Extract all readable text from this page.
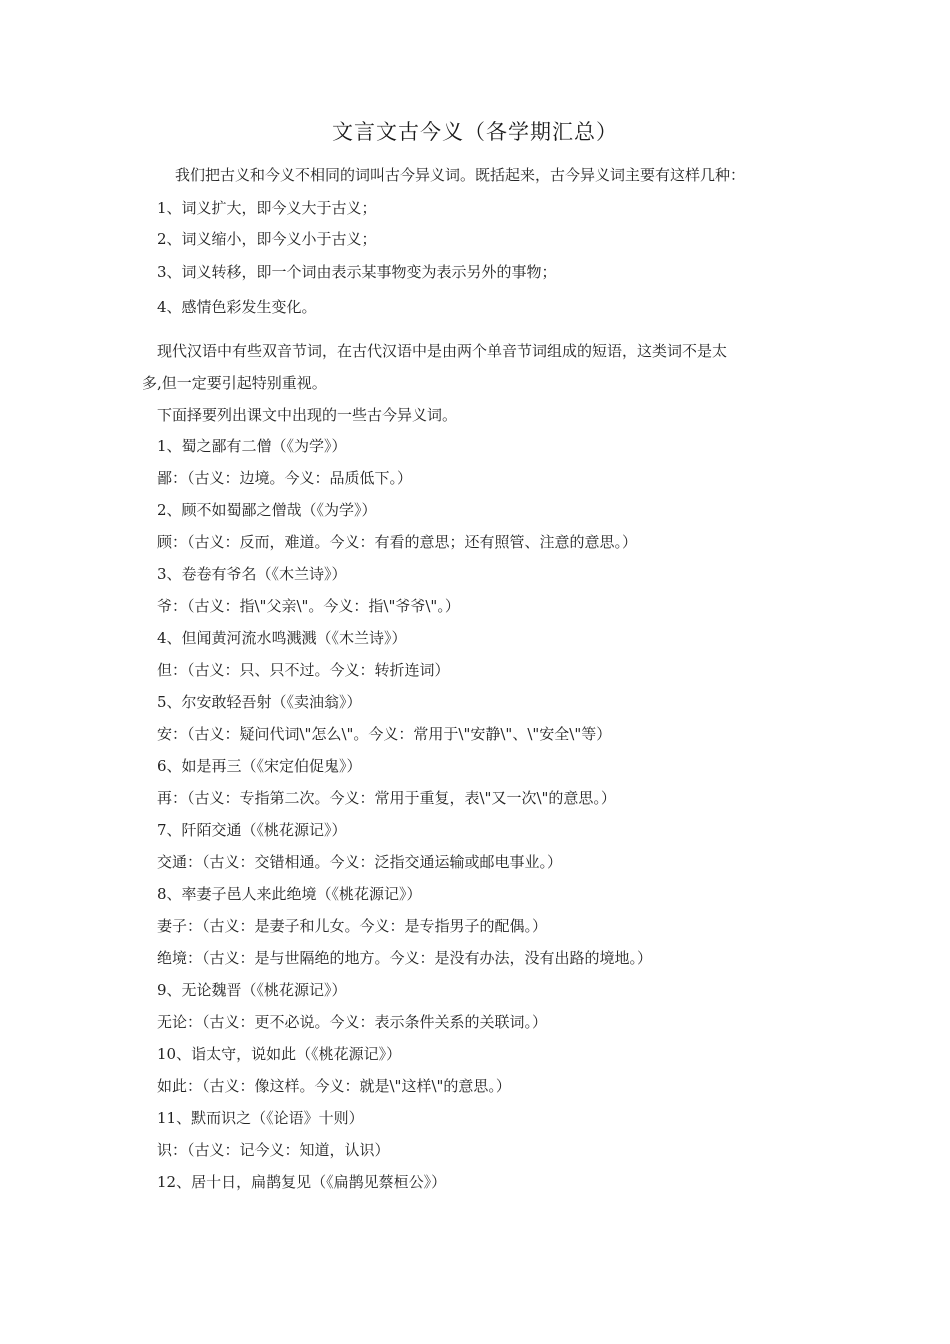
文言文古今义（各学期汇总）
我们把古义和今义不相同的词叫古今异义词。既括起来，古今异义词主要有这样几种：
1、词义扩大，即今义大于古义；
2、词义缩小，即今义小于古义；
3、词义转移，即一个词由表示某事物变为表示另外的事物；
4、感情色彩发生变化。
现代汉语中有些双音节词，在古代汉语中是由两个单音节词组成的短语，这类词不是太
多,但一定要引起特别重视。
下面择要列出课文中出现的一些古今异义词。
1、蜀之鄙有二僧（《为学》）
鄙：（古义：边境。今义：品质低下。）
2、顾不如蜀鄙之僧哉（《为学》）
顾：（古义：反而，难道。今义：有看的意思；还有照管、注意的意思。）
3、卷卷有爷名（《木兰诗》）
爷：（古义：指\"父亲\"。今义：指\"爷爷\"。）
4、但闻黄河流水鸣溅溅（《木兰诗》）
但：（古义：只、只不过。今义：转折连词）
5、尔安敢轻吾射（《卖油翁》）
安：（古义：疑问代词\"怎么\"。今义：常用于\"安静\"、\"安全\"等）
6、如是再三（《宋定伯促鬼》）
再：（古义：专指第二次。今义：常用于重复，表\"又一次\"的意思。）
7、阡陌交通（《桃花源记》）
交通：（古义：交错相通。今义：泛指交通运输或邮电事业。）
8、率妻子邑人来此绝境（《桃花源记》）
妻子：（古义：是妻子和儿女。今义：是专指男子的配偶。）
绝境：（古义：是与世隔绝的地方。今义：是没有办法，没有出路的境地。）
9、无论魏晋（《桃花源记》）
无论：（古义：更不必说。今义：表示条件关系的关联词。）
10、诣太守，说如此（《桃花源记》）
如此：（古义：像这样。今义：就是\"这样\"的意思。）
11、默而识之（《论语》十则）
识：（古义：记今义：知道，认识）
12、居十日，扁鹊复见（《扁鹊见蔡桓公》）
